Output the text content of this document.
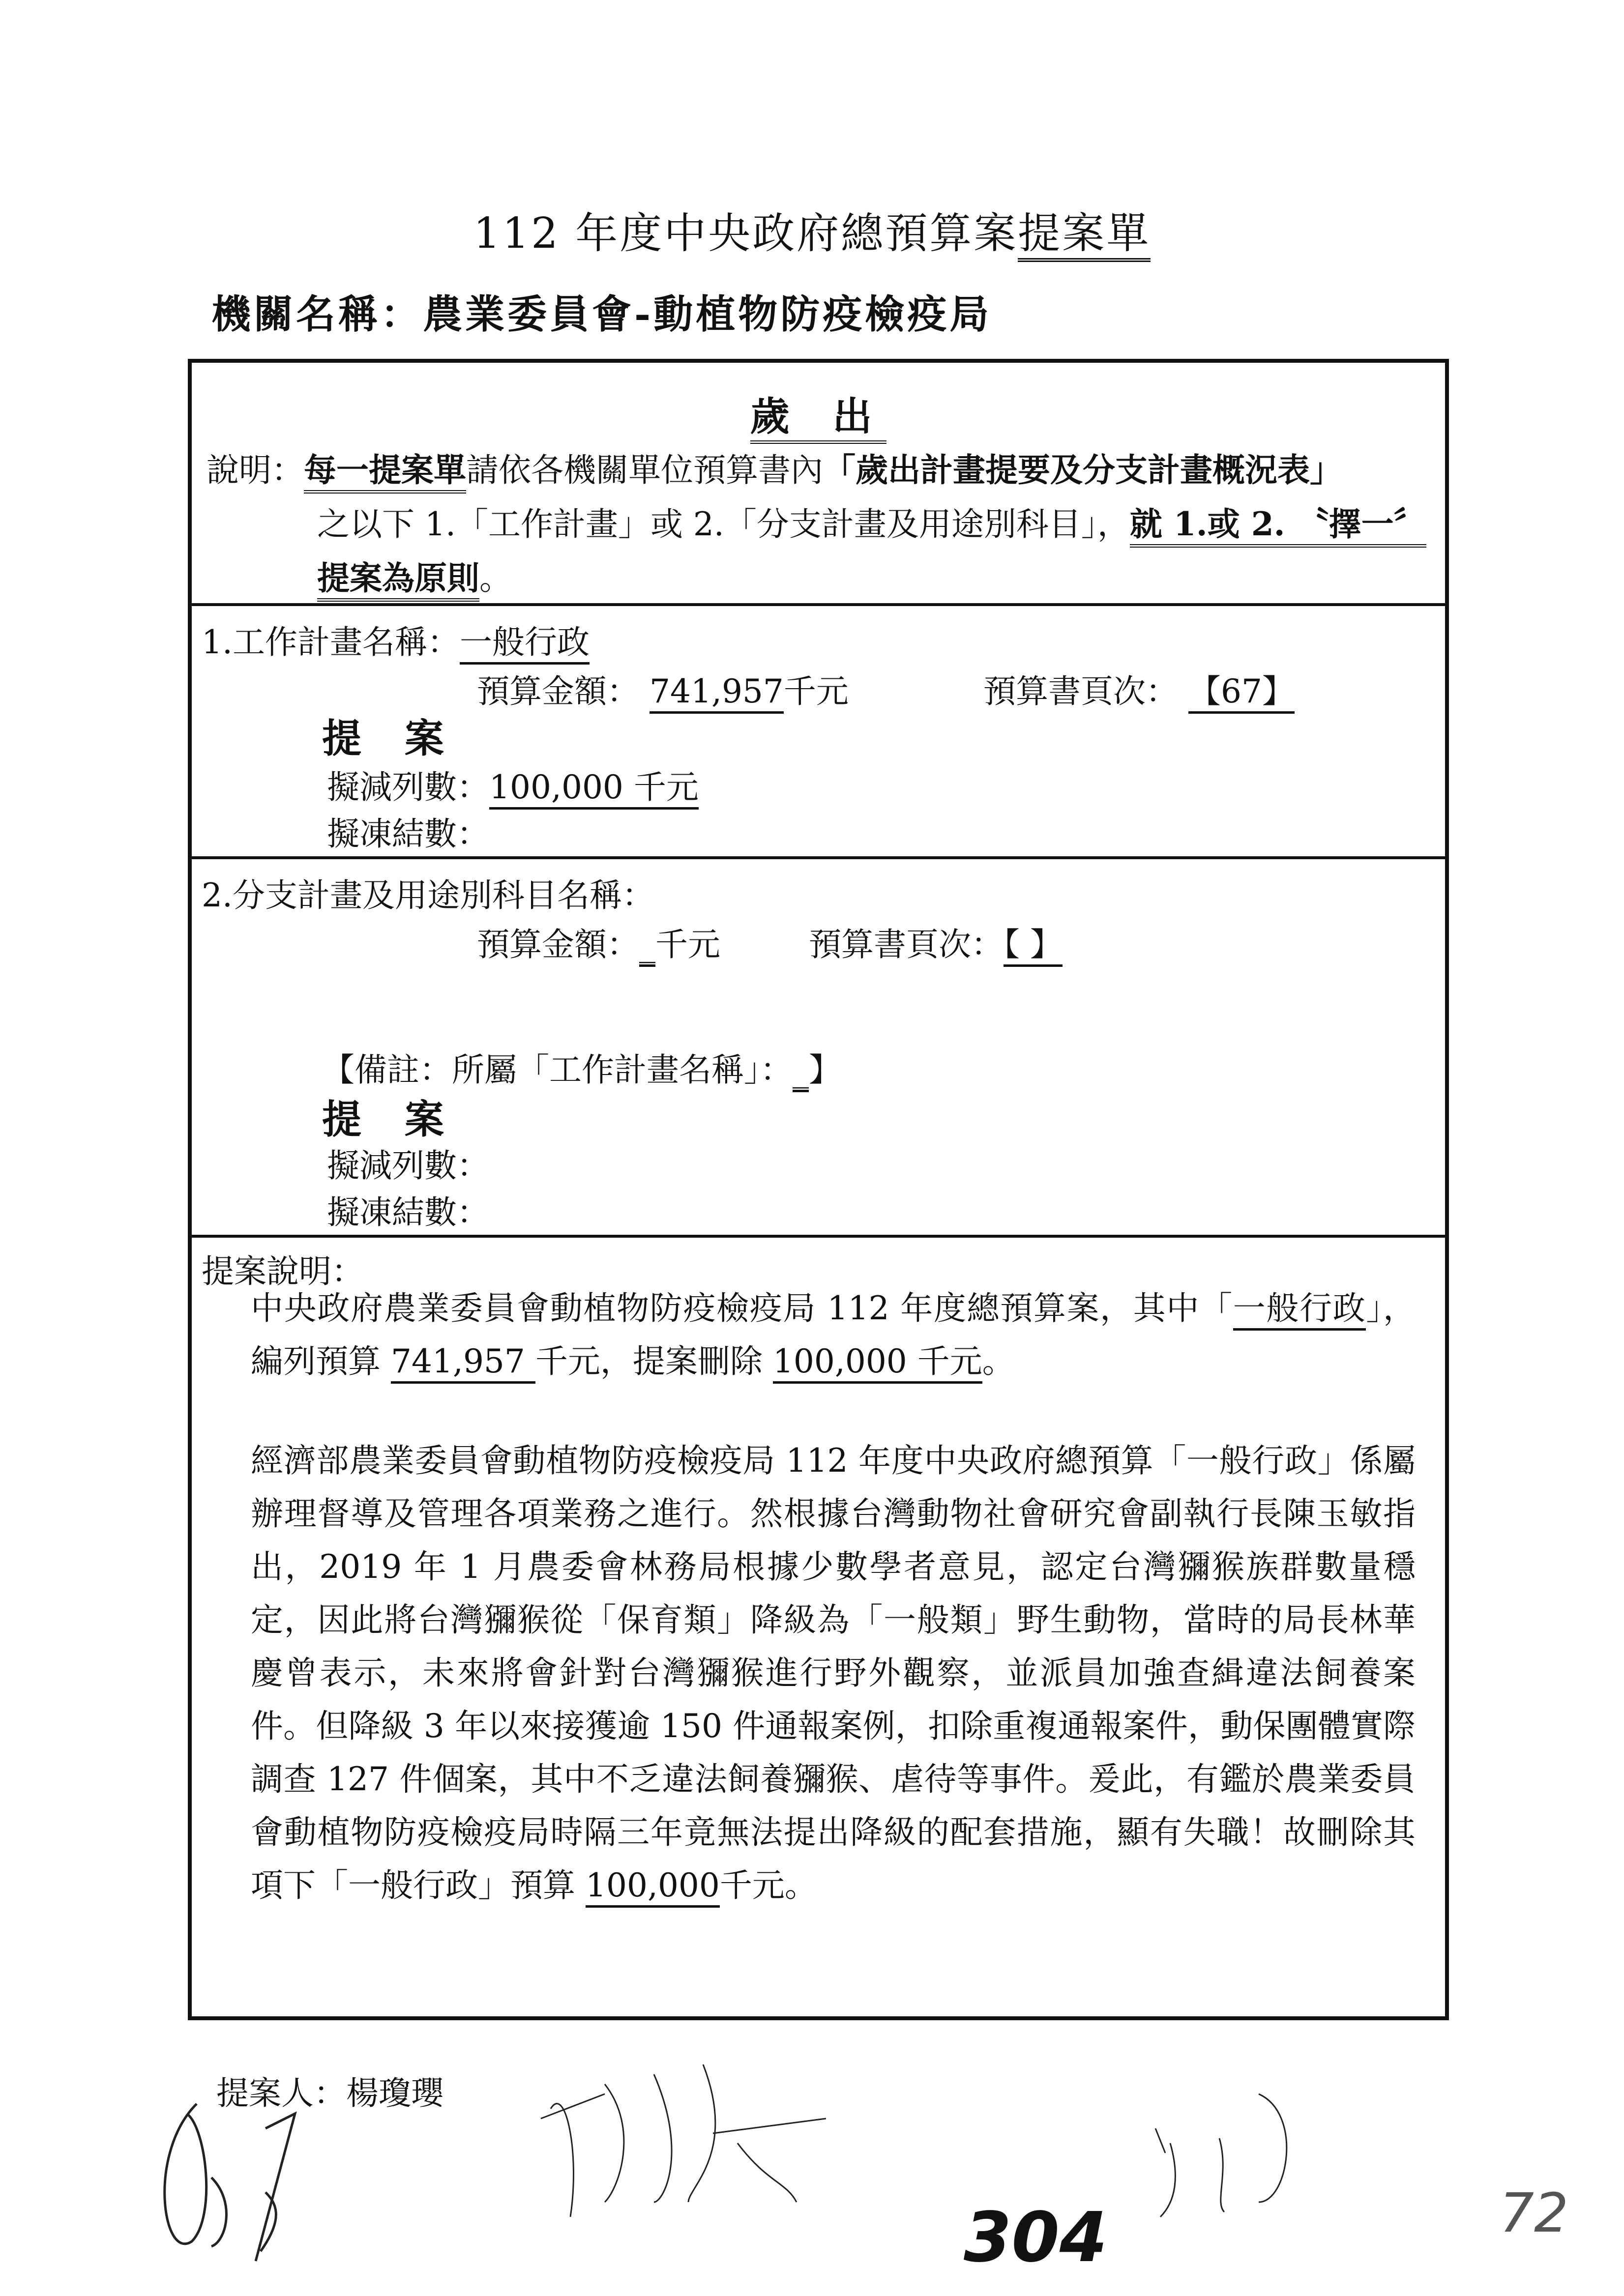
112 年度中央政府總預算案提案單
機關名稱：農業委員會-動植物防疫檢疫局
歲 出
說明：每一提案單請依各機關單位預算書內「歲出計畫提要及分支計畫概況表」
之以下 1.「工作計畫」或 2.「分支計畫及用途別科目」，就 1.或 2. 〝擇一〞
提案為原則。
1.工作計畫名稱：一般行政
預算金額： 741,957千元	預算書頁次： 【67】
提 案
擬減列數：100,000 千元
擬凍結數：
2.分支計畫及用途別科目名稱：
預算金額：_千元	預算書頁次：【 】
【備註：所屬「工作計畫名稱」：_】
提 案
擬減列數：
擬凍結數：
提案說明：
中央政府農業委員會動植物防疫檢疫局 112 年度總預算案，其中「一般行政」，編列預算 741,957 千元，提案刪除 100,000 千元。
經濟部農業委員會動植物防疫檢疫局 112 年度中央政府總預算「一般行政」係屬辦理督導及管理各項業務之進行。然根據台灣動物社會研究會副執行長陳玉敏指出，2019 年 1 月農委會林務局根據少數學者意見，認定台灣獼猴族群數量穩定，因此將台灣獼猴從「保育類」降級為「一般類」野生動物，當時的局長林華慶曾表示，未來將會針對台灣獼猴進行野外觀察，並派員加強查緝違法飼養案件。但降級 3 年以來接獲逾 150 件通報案例，扣除重複通報案件，動保團體實際調查 127 件個案，其中不乏違法飼養獼猴、虐待等事件。爰此，有鑑於農業委員會動植物防疫檢疫局時隔三年竟無法提出降級的配套措施，顯有失職！故刪除其項下「一般行政」預算 100,000千元。
提案人：楊瓊瓔
304	72
